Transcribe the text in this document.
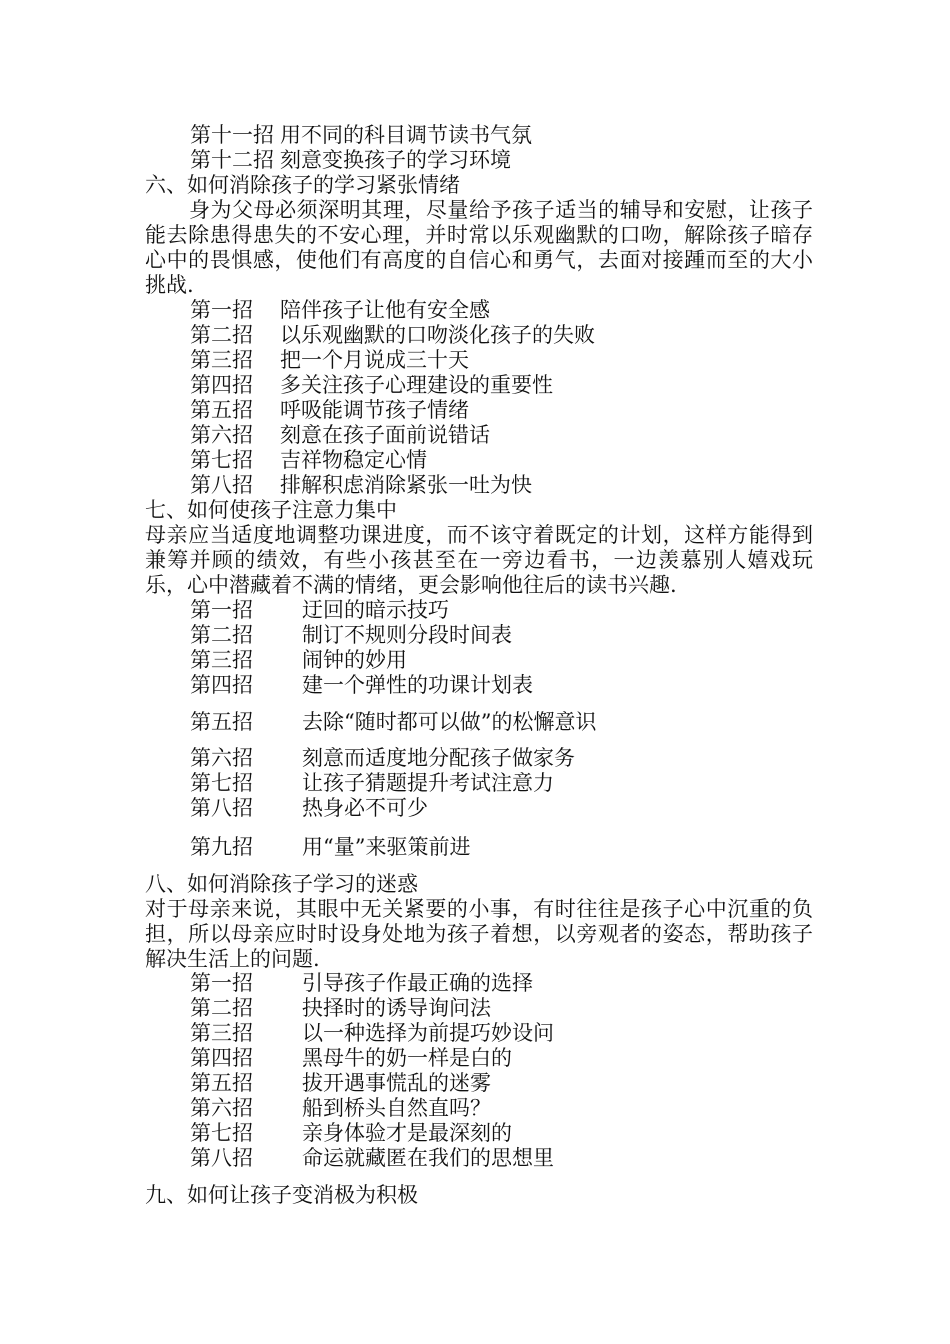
第十一招 用不同的科目调节读书气氛
第十二招 刻意变换孩子的学习环境
六、如何消除孩子的学习紧张情绪
身为父母必须深明其理，尽量给予孩子适当的辅导和安慰，让孩子能去除患得患失的不安心理，并时常以乐观幽默的口吻，解除孩子暗存心中的畏惧感，使他们有高度的自信心和勇气，去面对接踵而至的大小挑战.
第一招 陪伴孩子让他有安全感
第二招 以乐观幽默的口吻淡化孩子的失败
第三招 把一个月说成三十天
第四招 多关注孩子心理建设的重要性
第五招 呼吸能调节孩子情绪
第六招 刻意在孩子面前说错话
第七招 吉祥物稳定心情
第八招 排解积虑消除紧张一吐为快
七、如何使孩子注意力集中
母亲应当适度地调整功课进度，而不该守着既定的计划，这样方能得到兼筹并顾的绩效，有些小孩甚至在一旁边看书，一边羡慕别人嬉戏玩乐，心中潜藏着不满的情绪，更会影响他往后的读书兴趣.
第一招 迂回的暗示技巧
第二招 制订不规则分段时间表
第三招 闹钟的妙用
第四招 建一个弹性的功课计划表
第五招 去除“随时都可以做”的松懈意识
第六招 刻意而适度地分配孩子做家务
第七招 让孩子猜题提升考试注意力
第八招 热身必不可少
第九招 用“量”来驱策前进
八、如何消除孩子学习的迷惑
对于母亲来说，其眼中无关紧要的小事，有时往往是孩子心中沉重的负担，所以母亲应时时设身处地为孩子着想，以旁观者的姿态，帮助孩子解决生活上的问题.
第一招 引导孩子作最正确的选择
第二招 抉择时的诱导询问法
第三招 以一种选择为前提巧妙设问
第四招 黑母牛的奶一样是白的
第五招 拔开遇事慌乱的迷雾
第六招 船到桥头自然直吗？
第七招 亲身体验才是最深刻的
第八招 命运就藏匿在我们的思想里
九、如何让孩子变消极为积极
